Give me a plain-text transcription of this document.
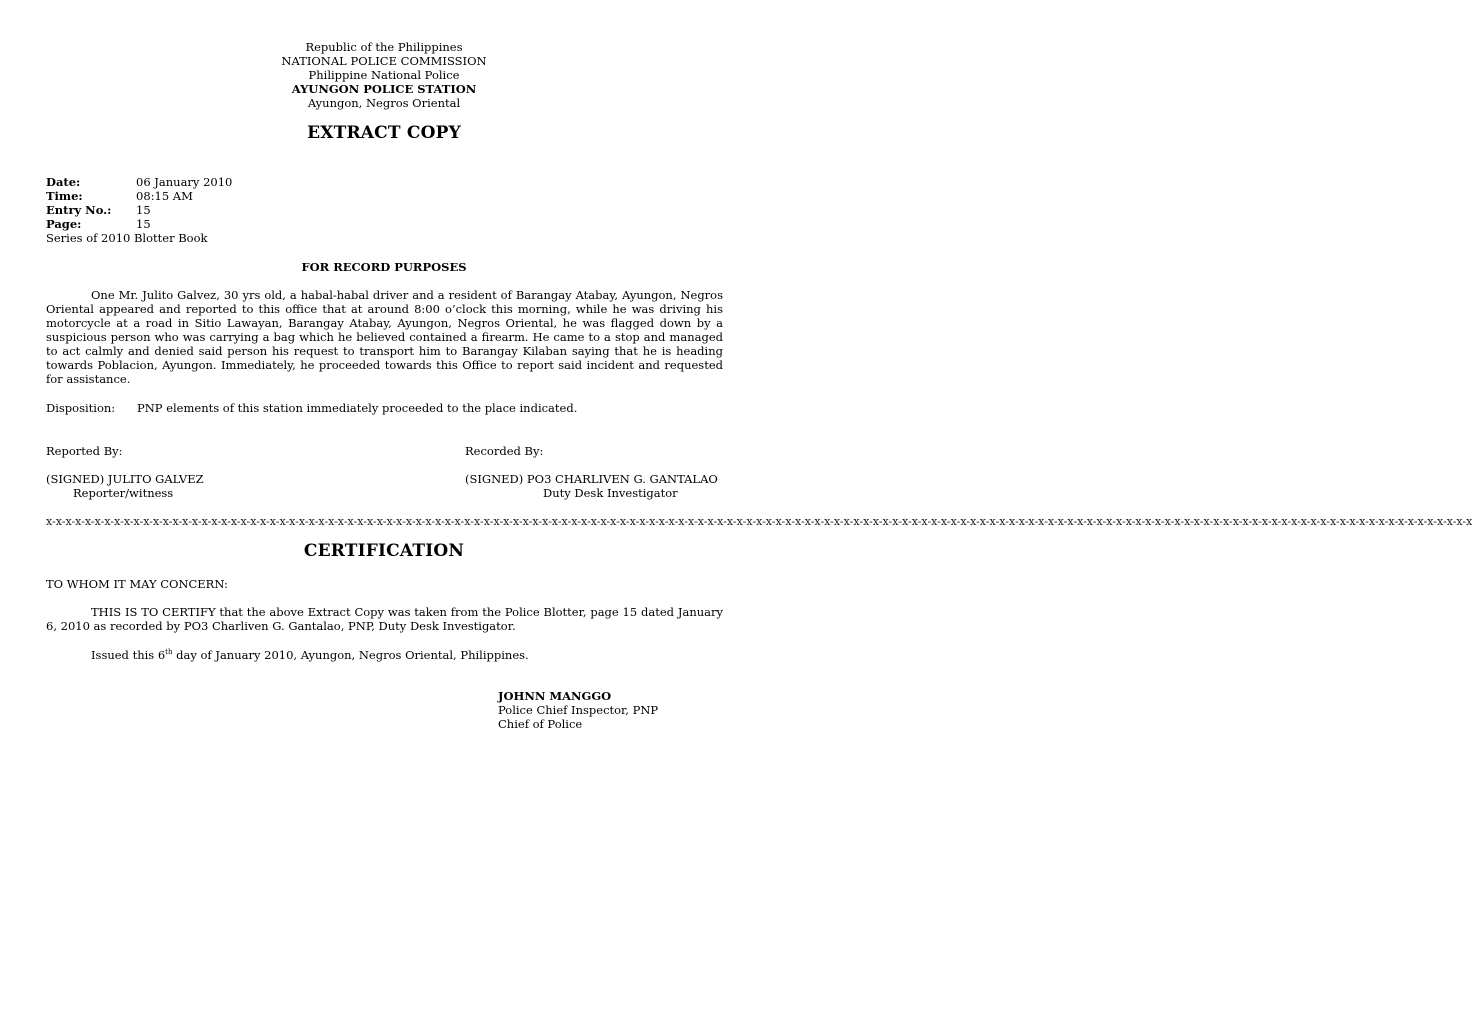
Republic of the Philippines
NATIONAL POLICE COMMISSION
Philippine National Police
AYUNGON POLICE STATION
Ayungon, Negros Oriental
EXTRACT COPY
Date:	06 January 2010
Time:	08:15 AM
Entry No.:	15
Page:	15
Series of 2010 Blotter Book
FOR RECORD PURPOSES
One Mr. Julito Galvez, 30 yrs old, a habal-habal driver and a resident of Barangay Atabay, Ayungon, Negros Oriental appeared and reported to this office that at around 8:00 o’clock this morning, while he was driving his motorcycle at a road in Sitio Lawayan, Barangay Atabay, Ayungon, Negros Oriental, he was flagged down by a suspicious person who was carrying a bag which he believed contained a firearm. He came to a stop and managed to act calmly and denied said person his request to transport him to Barangay Kilaban saying that he is heading towards Poblacion, Ayungon. Immediately, he proceeded towards this Office to report said incident and requested for assistance.
Disposition: PNP elements of this station immediately proceeded to the place indicated.
Reported By:	Recorded By:
(SIGNED) JULITO GALVEZ	(SIGNED) PO3 CHARLIVEN G. GANTALAO
Reporter/witness	Duty Desk Investigator
x-x-x-x-x-x-x-x-x-x-x-x-x-x-x-x-x-x-x-x-x-x-x-x-x-x-x-x-x-x-x-x-x-x-x-x-x-x-x-x-x-x-x-x-x-x-x-x-x-x-x-x-x-x-x-x-x-x-x-x-x-x-x-x-x-x-x-x-x-x-x-x-x-x-x-x-x-x-x-x-x-x-x-x-x-x-x-x-x-x-x-x-x-x-x-x-x-x-x-x-x-x-x-x-x-x-x-x-x-x-x-x-x-x-x-x-x-x-x-x-x-x-x-x-x-x-x-x-x-x-x-x-x-x-x-x-x-x-x-x-x-x-x-x-x-x-x
CERTIFICATION
TO WHOM IT MAY CONCERN:
THIS IS TO CERTIFY that the above Extract Copy was taken from the Police Blotter, page 15 dated January 6, 2010 as recorded by PO3 Charliven G. Gantalao, PNP, Duty Desk Investigator.
Issued this 6th day of January 2010, Ayungon, Negros Oriental, Philippines.
JOHNN MANGGO
Police Chief Inspector, PNP
Chief of Police
